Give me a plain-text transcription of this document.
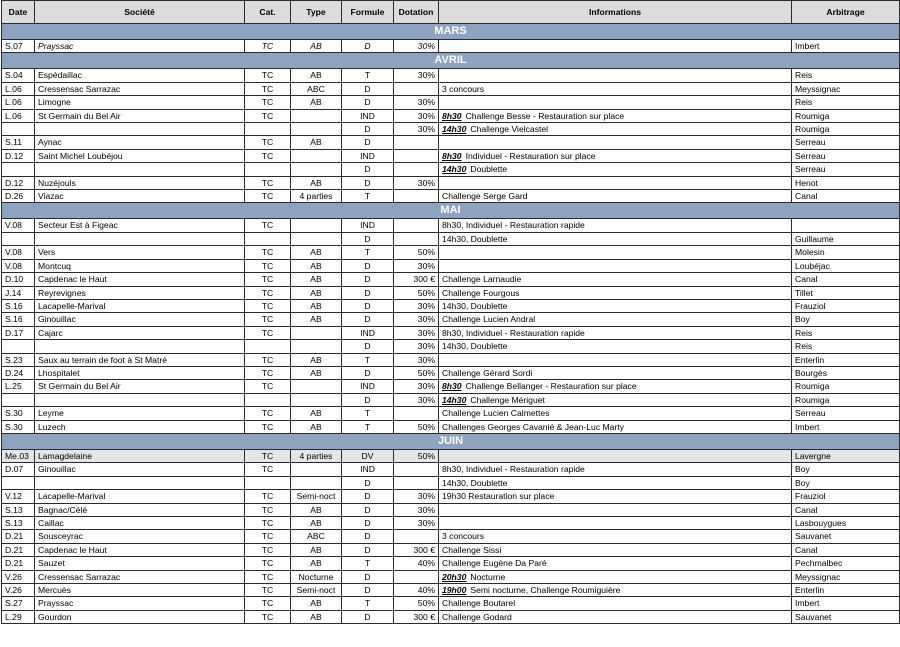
Date	Société	Cat.	Type	Formule	Dotation	Informations	Arbitrage
MARS							
S.07	Prayssac	TC	AB	D	30%		Imbert
AVRIL							
S.04	Espédaillac	TC	AB	T	30%		Reis
L.06	Cressensac Sarrazac	TC	ABC	D		3 concours	Meyssignac
L.06	Limogne	TC	AB	D	30%		Reis
L.06	St Germain du Bel Air	TC		IND	30%	8h30 Challenge Besse - Restauration sur place	Roumiga
				D	30%	14h30 Challenge Vielcastel	Roumiga
S.11	Aynac	TC	AB	D			Serreau
D.12	Saint Michel Loubéjou	TC		IND		8h30 Individuel - Restauration sur place	Serreau
				D		14h30 Doublette	Serreau
D.12	Nuzéjouls	TC	AB	D	30%		Henot
D.26	Viazac	TC	4 parties	T		Challenge Serge Gard	Canal
MAI							
V.08	Secteur Est à Figeac	TC		IND		8h30, Individuel - Restauration rapide	
				D		14h30, Doublette	Guillaume
V.08	Vers	TC	AB	T	50%		Molesin
V.08	Montcuq	TC	AB	D	30%		Loubéjac
D.10	Capdenac le Haut	TC	AB	D	300 €	Challenge Larnaudie	Canal
J.14	Reyrevignes	TC	AB	D	50%	Challenge Fourgous	Tillet
S.16	Lacapelle-Marival	TC	AB	D	30%	14h30, Doublette	Frauziol
S.16	Ginouillac	TC	AB	D	30%	Challenge Lucien Andral	Boy
D.17	Cajarc	TC		IND	30%	8h30, Individuel - Restauration rapide	Reis
				D	30%	14h30, Doublette	Reis
S.23	Saux au terrain de foot à St Matré	TC	AB	T	30%		Enterlin
D.24	Lhospitalet	TC	AB	D	50%	Challenge Gérard Sordi	Bourgès
L.25	St Germain du Bel Air	TC		IND	30%	8h30 Challenge Bellanger - Restauration sur place	Roumiga
				D	30%	14h30 Challenge Mériguet	Roumiga
S.30	Leyme	TC	AB	T		Challenge Lucien Calmettes	Serreau
S.30	Luzech	TC	AB	T	50%	Challenges Georges Cavanié & Jean-Luc Marty	Imbert
JUIN							
Me.03	Lamagdelaine	TC	4 parties	DV	50%		Lavergne
D.07	Ginouillac	TC		IND		8h30, Individuel - Restauration rapide	Boy
				D		14h30, Doublette	Boy
V.12	Lacapelle-Marival	TC	Semi-noct	D	30%	19h30 Restauration sur place	Frauziol
S.13	Bagnac/Célé	TC	AB	D	30%		Canal
S.13	Caillac	TC	AB	D	30%		Lasbouygues
D.21	Sousceyrac	TC	ABC	D		3 concours	Sauvanet
D.21	Capdenac le Haut	TC	AB	D	300 €	Challenge Sissi	Canal
D.21	Sauzet	TC	AB	T	40%	Challenge Eugène Da Paré	Pechmalbec
V.26	Cressensac Sarrazac	TC	Nocturne	D		20h30 Nocturne	Meyssignac
V.26	Mercuès	TC	Semi-noct	D	40%	19h00 Semi nocturne, Challenge Roumiguière	Enterlin
S.27	Prayssac	TC	AB	T	50%	Challenge Boutarel	Imbert
L.29	Gourdon	TC	AB	D	300 €	Challenge Godard	Sauvanet
